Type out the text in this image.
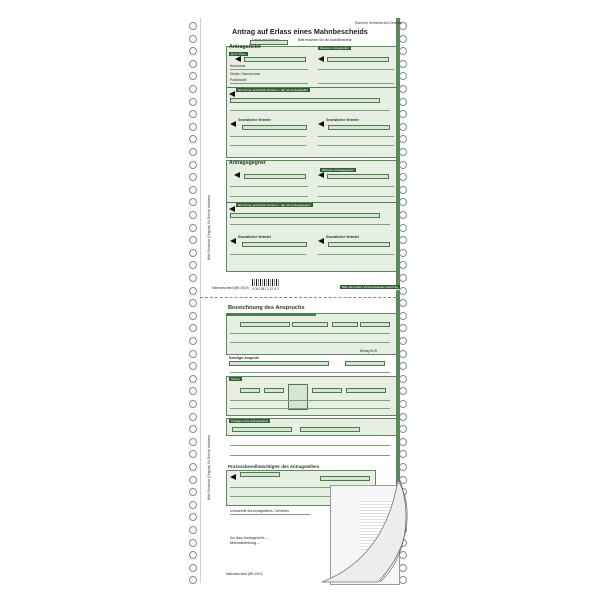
Antrag auf Erlass eines Mahnbescheids
Raum für Vermerke des Gerichts
Bitte beachten Sie die Ausfüllhinweise
Antragsteller
Herr / Frau
Nachname
Straße, Hausnummer
Postleitzahl
Weiterer Antragsteller
Nur Firma, juristische Person u. dgl. als Antragsteller
Gesetzlicher Vertreter	Gesetzlicher Vertreter
Antragsgegner
Weiterer Antragsgegner
Nur Firma, juristische Person u. dgl. als Antragsgegner
Gesetzlicher Vertreter	Gesetzlicher Vertreter
Mahnbescheid (MB 2019) 4 004 667 0 12 9 3	Bitte die beiden Vordrucksseiten beachten
Bitte Rückseite (Original) für Gericht bestimmt
Bezeichnung des Anspruchs
Betrag EUR
Sonstiger Anspruch
Zinsen
Auslagen des Antragstellers
Prozessbevollmächtigter des Antragstellers
Unterschrift des Antragstellers / Vertreters
Bitte Rückseite (Original) für Gericht bestimmt
An das Amtsgericht – Mahnabteilung –
Mahnbescheid (MB 2019)
